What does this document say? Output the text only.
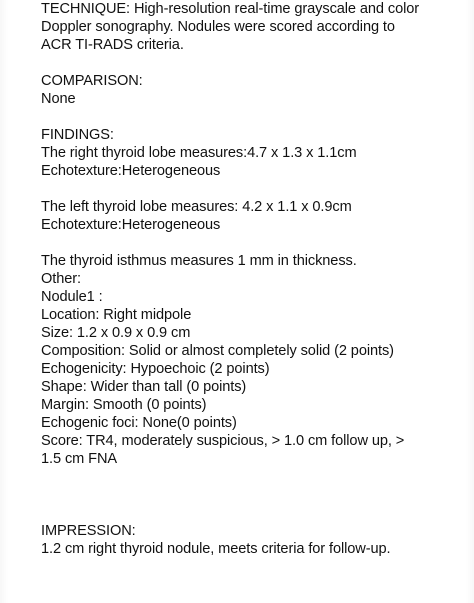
TECHNIQUE: High-resolution real-time grayscale and color
Doppler sonography. Nodules were scored according to
ACR TI-RADS criteria.
COMPARISON:
None
FINDINGS:
The right thyroid lobe measures:4.7 x 1.3 x 1.1cm
Echotexture:Heterogeneous
The left thyroid lobe measures: 4.2 x 1.1 x 0.9cm
Echotexture:Heterogeneous
The thyroid isthmus measures 1 mm in thickness.
Other:
Nodule1 :
Location: Right midpole
Size: 1.2 x 0.9 x 0.9 cm
Composition: Solid or almost completely solid (2 points)
Echogenicity: Hypoechoic (2 points)
Shape: Wider than tall (0 points)
Margin: Smooth (0 points)
Echogenic foci: None(0 points)
Score: TR4, moderately suspicious, > 1.0 cm follow up, >
1.5 cm FNA
IMPRESSION:
1.2 cm right thyroid nodule, meets criteria for follow-up.
